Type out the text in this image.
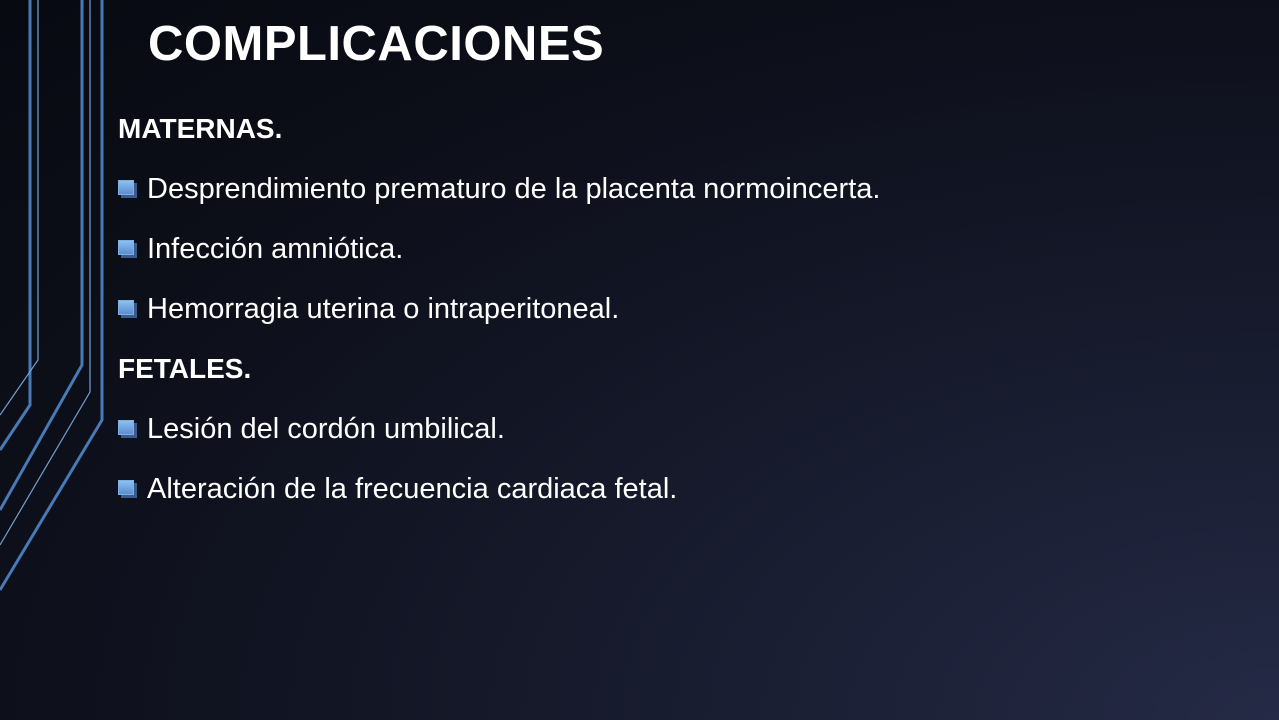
COMPLICACIONES
MATERNAS.
Desprendimiento prematuro de la placenta normoincerta.
Infección amniótica.
Hemorragia uterina o intraperitoneal.
FETALES.
Lesión del cordón umbilical.
Alteración de la frecuencia cardiaca fetal.
